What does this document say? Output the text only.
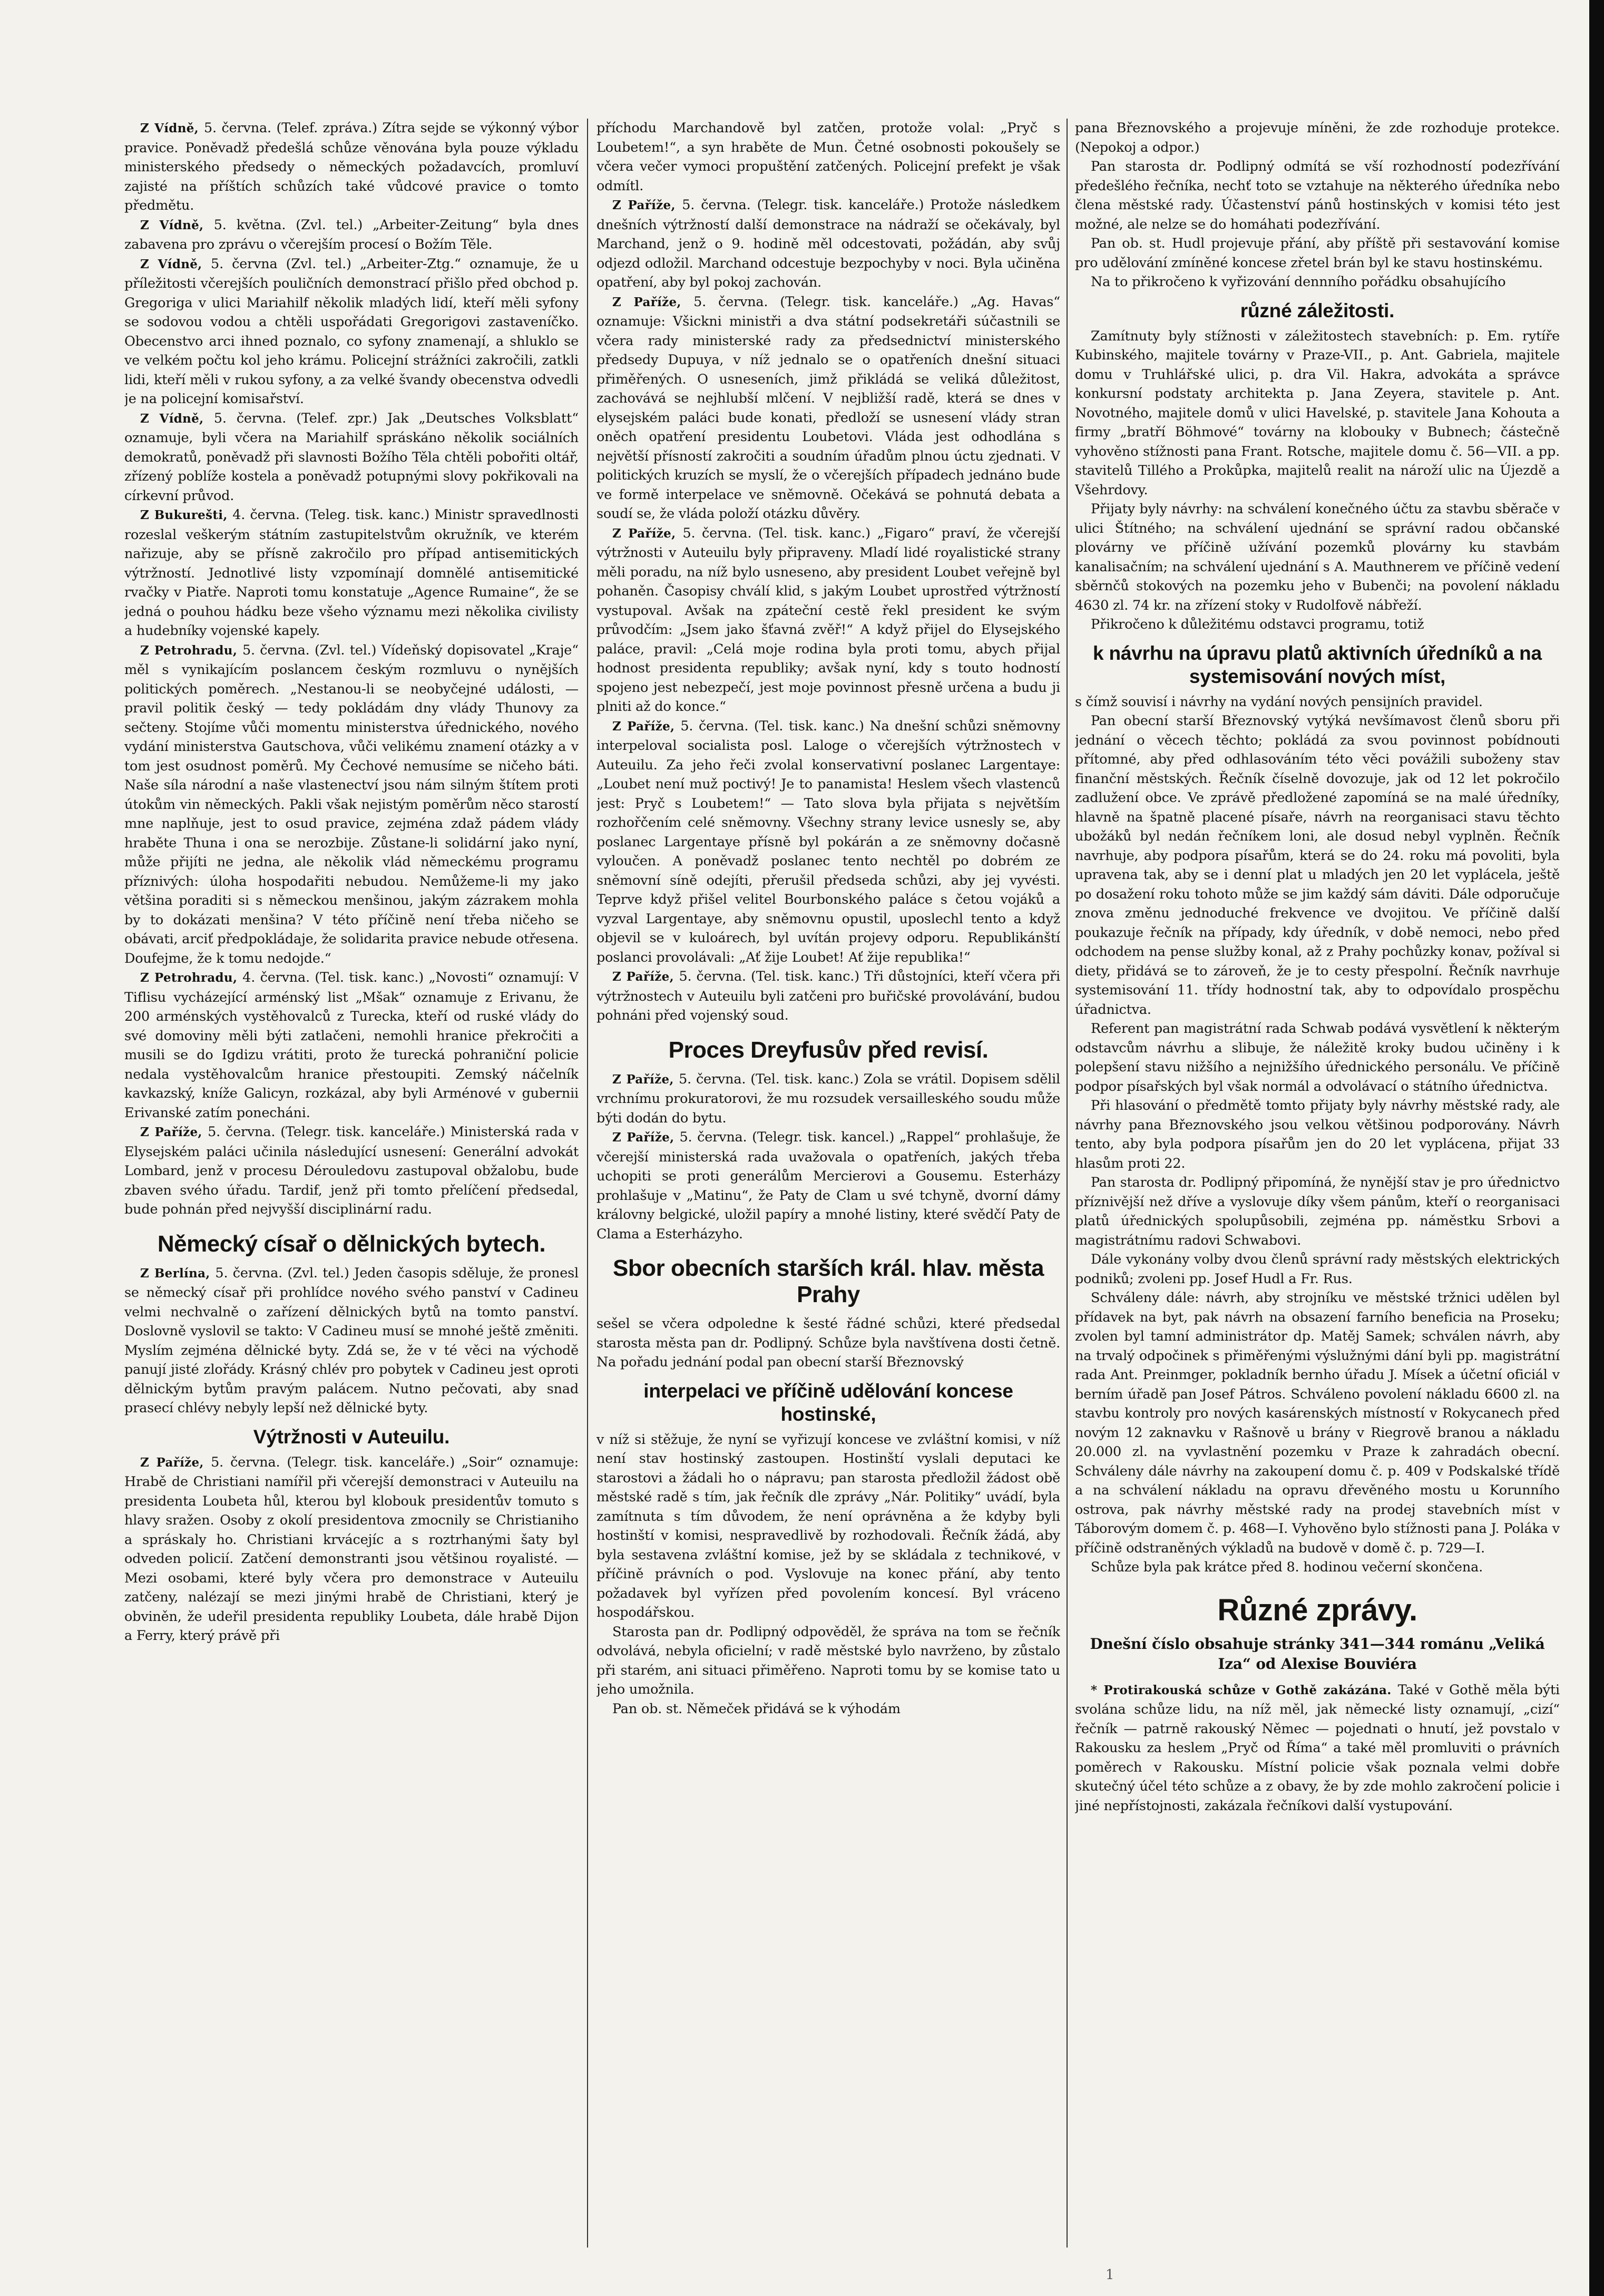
Z Vídně, 5. června. (Telef. zpráva.) Zítra sejde se výkonný výbor pravice. Poněvadž předešlá schůze věnována byla pouze výkladu ministerského předsedy o německých požadavcích, promluví zajisté na příštích schůzích také vůdcové pravice o tomto předmětu.

Z Vídně, 5. května. (Zvl. tel.) „Arbeiter-Zeitung“ byla dnes zabavena pro zprávu o včerejším procesí o Božím Těle.

Z Vídně, 5. června (Zvl. tel.) „Arbeiter-Ztg.“ oznamuje, že u příležitosti včerejších pouličních demonstrací přišlo před obchod p. Gregoriga v ulici Mariahilf několik mladých lidí, kteří měli syfony se sodovou vodou a chtěli uspořádati Gregorigovi zastaveníčko. Obecenstvo arci ihned poznalo, co syfony znamenají, a shluklo se ve velkém počtu kol jeho krámu. Policejní strážníci zakročili, zatkli lidi, kteří měli v rukou syfony, a za velké švandy obecenstva odvedli je na policejní komisařství.

Z Vídně, 5. června. (Telef. zpr.) Jak „Deutsches Volksblatt“ oznamuje, byli včera na Mariahilf spráskáno několik sociálních demokratů, poněvadž při slavnosti Božího Těla chtěli pobořiti oltář, zřízený poblíže kostela a poněvadž potupnými slovy pokřikovali na církevní průvod.

Z Bukurešti, 4. června. (Teleg. tisk. kanc.) Ministr spravedlnosti rozeslal veškerým státním zastupitelstvům okružník, ve kterém nařizuje, aby se přísně zakročilo pro případ antisemitických výtržností. Jednotlivé listy vzpomínají domnělé antisemitické rvačky v Piatře. Naproti tomu konstatuje „Agence Rumaine“, že se jedná o pouhou hádku beze všeho významu mezi několika civilisty a hudebníky vojenské kapely.

Z Petrohradu, 5. června. (Zvl. tel.) Vídeňský dopisovatel „Kraje“ měl s vynikajícím poslancem českým rozmluvu o nynějších politických poměrech. „Nestanou-li se neobyčejné události, — pravil politik český — tedy pokládám dny vlády Thunovy za sečteny. Stojíme vůči momentu ministerstva úřednického, nového vydání ministerstva Gautschova, vůči velikému znamení otázky a v tom jest osudnost poměrů. My Čechové nemusíme se ničeho báti. Naše síla národní a naše vlastenectví jsou nám silným štítem proti útokům vin německých. Pakli však nejistým poměrům něco starostí mne naplňuje, jest to osud pravice, zejména zdaž pádem vlády hraběte Thuna i ona se nerozbije. Zůstane-li solidární jako nyní, může přijíti ne jedna, ale několik vlád německému programu příznivých: úloha hospodařiti nebudou. Nemůžeme-li my jako většina poraditi si s německou menšinou, jakým zázrakem mohla by to dokázati menšina? V této příčině není třeba ničeho se obávati, arciť předpokládaje, že solidarita pravice nebude otřesena. Doufejme, že k tomu nedojde.“

Z Petrohradu, 4. června. (Tel. tisk. kanc.) „Novosti“ oznamují: V Tiflisu vycházející arménský list „Mšak“ oznamuje z Erivanu, že 200 arménských vystěhovalců z Turecka, kteří od ruské vlády do své domoviny měli býti zatlačeni, nemohli hranice překročiti a musili se do Igdizu vrátiti, proto že turecká pohraniční policie nedala vystěhovalcům hranice přestoupiti. Zemský náčelník kavkazský, kníže Galicyn, rozkázal, aby byli Arménové v gubernii Erivanské zatím ponecháni.

Z Paříže, 5. června. (Telegr. tisk. kanceláře.) Ministerská rada v Elysejském paláci učinila následující usnesení: Generální advokát Lombard, jenž v procesu Dérouledovu zastupoval obžalobu, bude zbaven svého úřadu. Tardif, jenž při tomto přelíčení předsedal, bude pohnán před nejvyšší disciplinární radu.

Německý císař o dělnických bytech.

Z Berlína, 5. června. (Zvl. tel.) Jeden časopis sděluje, že pronesl se německý císař při prohlídce nového svého panství v Cadineu velmi nechvalně o zařízení dělnických bytů na tomto panství. Doslovně vyslovil se takto: V Cadineu musí se mnohé ještě změniti. Myslím zejména dělnické byty. Zdá se, že v té věci na východě panují jisté zlořády. Krásný chlév pro pobytek v Cadineu jest oproti dělnickým bytům pravým palácem. Nutno pečovati, aby snad prasecí chlévy nebyly lepší než dělnické byty.

Výtržnosti v Auteuilu.

Z Paříže, 5. června. (Telegr. tisk. kanceláře.) „Soir“ oznamuje: Hrabě de Christiani namířil při včerejší demonstraci v Auteuilu na presidenta Loubeta hůl, kterou byl klobouk presidentův tomuto s hlavy sražen. Osoby z okolí presidentova zmocnily se Christianiho a spráskaly ho. Christiani krvácejíc a s roztrhanými šaty byl odveden policií. Zatčení demonstranti jsou většinou royalisté. — Mezi osobami, které byly včera pro demonstrace v Auteuilu zatčeny, nalézají se mezi jinými hrabě de Christiani, který je obviněn, že udeřil presidenta republiky Loubeta, dále hrabě Dijon a Ferry, který právě při

příchodu Marchandově byl zatčen, protože volal: „Pryč s Loubetem!“, a syn hraběte de Mun. Četné osobnosti pokoušely se včera večer vymoci propuštění zatčených. Policejní prefekt je však odmítl.

Z Paříže, 5. června. (Telegr. tisk. kanceláře.) Protože následkem dnešních výtržností další demonstrace na nádraží se očekávaly, byl Marchand, jenž o 9. hodině měl odcestovati, požádán, aby svůj odjezd odložil. Marchand odcestuje bezpochyby v noci. Byla učiněna opatření, aby byl pokoj zachován.

Z Paříže, 5. června. (Telegr. tisk. kanceláře.) „Ag. Havas“ oznamuje: Všickni ministři a dva státní podsekretáři súčastnili se včera rady ministerské rady za předsednictví ministerského předsedy Dupuya, v níž jednalo se o opatřeních dnešní situaci přiměřených. O usneseních, jimž přikládá se veliká důležitost, zachovává se nejhlubší mlčení. V nejbližší radě, která se dnes v elysejském paláci bude konati, předloží se usnesení vlády stran oněch opatření presidentu Loubetovi. Vláda jest odhodlána s největší přísností zakročiti a soudním úřadům plnou úctu zjednati. V politických kruzích se myslí, že o včerejších případech jednáno bude ve formě interpelace ve sněmovně. Očekává se pohnutá debata a soudí se, že vláda položí otázku důvěry.

Z Paříže, 5. června. (Tel. tisk. kanc.) „Figaro“ praví, že včerejší výtržnosti v Auteuilu byly připraveny. Mladí lidé royalistické strany měli poradu, na níž bylo usneseno, aby president Loubet veřejně byl pohaněn. Časopisy chválí klid, s jakým Loubet uprostřed výtržností vystupoval. Avšak na zpáteční cestě řekl president ke svým průvodčím: „Jsem jako šťavná zvěř!“ A když přijel do Elysejského paláce, pravil: „Celá moje rodina byla proti tomu, abych přijal hodnost presidenta republiky; avšak nyní, kdy s touto hodností spojeno jest nebezpečí, jest moje povinnost přesně určena a budu ji plniti až do konce.“

Z Paříže, 5. června. (Tel. tisk. kanc.) Na dnešní schůzi sněmovny interpeloval socialista posl. Laloge o včerejších výtržnostech v Auteuilu. Za jeho řeči zvolal konservativní poslanec Largentaye: „Loubet není muž poctivý! Je to panamista! Heslem všech vlastenců jest: Pryč s Loubetem!“ — Tato slova byla přijata s největším rozhořčením celé sněmovny. Všechny strany levice usnesly se, aby poslanec Largentaye přísně byl pokárán a ze sněmovny dočasně vyloučen. A poněvadž poslanec tento nechtěl po dobrém ze sněmovní síně odejíti, přerušil předseda schůzi, aby jej vyvésti. Teprve když přišel velitel Bourbonského paláce s četou vojáků a vyzval Largentaye, aby sněmovnu opustil, uposlechl tento a když objevil se v kuloárech, byl uvítán projevy odporu. Republikánští poslanci provolávali: „Ať žije Loubet! Ať žije republika!“

Z Paříže, 5. června. (Tel. tisk. kanc.) Tři důstojníci, kteří včera při výtržnostech v Auteuilu byli zatčeni pro buřičské provolávání, budou pohnáni před vojenský soud.

Proces Dreyfusův před revisí.

Z Paříže, 5. června. (Tel. tisk. kanc.) Zola se vrátil. Dopisem sdělil vrchnímu prokuratorovi, že mu rozsudek versailleského soudu může býti dodán do bytu.

Z Paříže, 5. června. (Telegr. tisk. kancel.) „Rappel“ prohlašuje, že včerejší ministerská rada uvažovala o opatřeních, jakých třeba uchopiti se proti generálům Mercierovi a Gousemu. Esterházy prohlašuje v „Matinu“, že Paty de Clam u své tchyně, dvorní dámy královny belgické, uložil papíry a mnohé listiny, které svědčí Paty de Clama a Esterházyho.

Sbor obecních starších král. hlav. města Prahy

sešel se včera odpoledne k šesté řádné schůzi, které předsedal starosta města pan dr. Podlipný. Schůze byla navštívena dosti četně. Na pořadu jednání podal pan obecní starší Březnovský

interpelaci ve příčině udělování koncese hostinské,

v níž si stěžuje, že nyní se vyřizují koncese ve zvláštní komisi, v níž není stav hostinský zastoupen. Hostinští vyslali deputaci ke starostovi a žádali ho o nápravu; pan starosta předložil žádost obě městské radě s tím, jak řečník dle zprávy „Nár. Politiky“ uvádí, byla zamítnuta s tím důvodem, že není oprávněna a že kdyby byli hostinští v komisi, nespravedlivě by rozhodovali. Řečník žádá, aby byla sestavena zvláštní komise, jež by se skládala z technikové, v příčině právních o pod. Vyslovuje na konec přání, aby tento požadavek byl vyřízen před povolením koncesí. Byl vráceno hospodářskou.

Starosta pan dr. Podlipný odpověděl, že správa na tom se řečník odvolává, nebyla oficielní; v radě městské bylo navrženo, by zůstalo při starém, ani situaci přiměřeno. Naproti tomu by se komise tato u jeho umožnila.

Pan ob. st. Němeček přidává se k výhodám

pana Březnovského a projevuje míněni, že zde rozhoduje protekce. (Nepokoj a odpor.)

Pan starosta dr. Podlipný odmítá se vší rozhodností podezřívání předešlého řečníka, nechť toto se vztahuje na některého úředníka nebo člena městské rady. Účastenství pánů hostinských v komisi této jest možné, ale nelze se do homáhati podezřívání.

Pan ob. st. Hudl projevuje přání, aby příště při sestavování komise pro udělování zmíněné koncese zřetel brán byl ke stavu hostinskému.

Na to přikročeno k vyřizování dennního pořádku obsahujícího

různé záležitosti.

Zamítnuty byly stížnosti v záležitostech stavebních: p. Em. rytíře Kubinského, majitele továrny v Praze-VII., p. Ant. Gabriela, majitele domu v Truhlářské ulici, p. dra Vil. Hakra, advokáta a správce konkursní podstaty architekta p. Jana Zeyera, stavitele p. Ant. Novotného, majitele domů v ulici Havelské, p. stavitele Jana Kohouta a firmy „bratří Böhmové“ továrny na klobouky v Bubnech; částečně vyhověno stížnosti pana Frant. Rotsche, majitele domu č. 56—VII. a pp. stavitelů Tillého a Prokůpka, majitelů realit na nároží ulic na Újezdě a Všehrdovy.

Přijaty byly návrhy: na schválení konečného účtu za stavbu sběrače v ulici Štítného; na schválení ujednání se správní radou občanské plovárny ve příčině užívání pozemků plovárny ku stavbám kanalisačním; na schválení ujednání s A. Mauthnerem ve příčině vedení sběrnčů stokových na pozemku jeho v Bubenči; na povolení nákladu 4630 zl. 74 kr. na zřízení stoky v Rudolfově nábřeží.

Přikročeno k důležitému odstavci programu, totiž

k návrhu na úpravu platů aktivních úředníků a na systemisování nových míst,

s čímž souvisí i návrhy na vydání nových pensijních pravidel.

Pan obecní starší Březnovský vytýká nevšímavost členů sboru při jednání o věcech těchto; pokládá za svou povinnost pobídnouti přítomné, aby před odhlasováním této věci povážili suboženy stav finanční městských. Řečník číselně dovozuje, jak od 12 let pokročilo zadlužení obce. Ve zprávě předložené zapomíná se na malé úředníky, hlavně na špatně placené písaře, návrh na reorganisaci stavu těchto ubožáků byl nedán řečníkem loni, ale dosud nebyl vyplněn. Řečník navrhuje, aby podpora písařům, která se do 24. roku má povoliti, byla upravena tak, aby se i denní plat u mladých jen 20 let vyplácela, ještě po dosažení roku tohoto může se jim každý sám dáviti. Dále odporučuje znova změnu jednoduché frekvence ve dvojitou. Ve příčině další poukazuje řečník na případy, kdy úředník, v době nemoci, nebo před odchodem na pense služby konal, až z Prahy pochůzky konav, požíval si diety, přidává se to zároveň, že je to cesty přespolní. Řečník navrhuje systemisování 11. třídy hodnostní tak, aby to odpovídalo prospěchu úřadnictva.

Referent pan magistrátní rada Schwab podává vysvětlení k některým odstavcům návrhu a slibuje, že náležitě kroky budou učiněny i k polepšení stavu nižšího a nejnižšího úřednického personálu. Ve příčině podpor písařských byl však normál a odvolávací o státního úřednictva.

Při hlasování o předmětě tomto přijaty byly návrhy městské rady, ale návrhy pana Březnovského jsou velkou většinou podporovány. Návrh tento, aby byla podpora písařům jen do 20 let vyplácena, přijat 33 hlasům proti 22.

Pan starosta dr. Podlipný připomíná, že nynější stav je pro úřednictvo příznivější než dříve a vyslovuje díky všem pánům, kteří o reorganisaci platů úřednických spolupůsobili, zejména pp. náměstku Srbovi a magistrátnímu radovi Schwabovi.

Dále vykonány volby dvou členů správní rady městských elektrických podniků; zvoleni pp. Josef Hudl a Fr. Rus.

Schváleny dále: návrh, aby strojníku ve městské tržnici udělen byl přídavek na byt, pak návrh na obsazení farního beneficia na Proseku; zvolen byl tamní administrátor dp. Matěj Samek; schválen návrh, aby na trvalý odpočinek s přiměřenými výslužnými dání byli pp. magistrátní rada Ant. Preinmger, pokladník bernho úřadu J. Mísek a účetní oficiál v berním úřadě pan Josef Pátros. Schváleno povolení nákladu 6600 zl. na stavbu kontroly pro nových kasárenských místností v Rokycanech před novým 12 zaknavku v Rašnově u brány v Riegrově branou a nákladu 20.000 zl. na vyvlastnění pozemku v Praze k zahradách obecní. Schváleny dále návrhy na zakoupení domu č. p. 409 v Podskalské třídě a na schválení nákladu na opravu dřevěného mostu u Korunního ostrova, pak návrhy městské rady na prodej stavebních míst v Táborovým domem č. p. 468—I. Vyhověno bylo stížnosti pana J. Poláka v příčině odstraněných výkladů na budově v domě č. p. 729—I.

Schůze byla pak krátce před 8. hodinou večerní skončena.

Různé zprávy.
Dnešní číslo obsahuje stránky 341—344 románu „Veliká Iza“ od Alexise Bouviéra

* Protirakouská schůze v Gothě zakázána. Také v Gothě měla býti svolána schůze lidu, na níž měl, jak německé listy oznamují, „cizí“ řečník — patrně rakouský Němec — pojednati o hnutí, jež povstalo v Rakousku za heslem „Pryč od Říma“ a také měl promluviti o právních poměrech v Rakousku. Místní policie však poznala velmi dobře skutečný účel této schůze a z obavy, že by zde mohlo zakročení policie i jiné nepřístojnosti, zakázala řečníkovi další vystupování.

1
